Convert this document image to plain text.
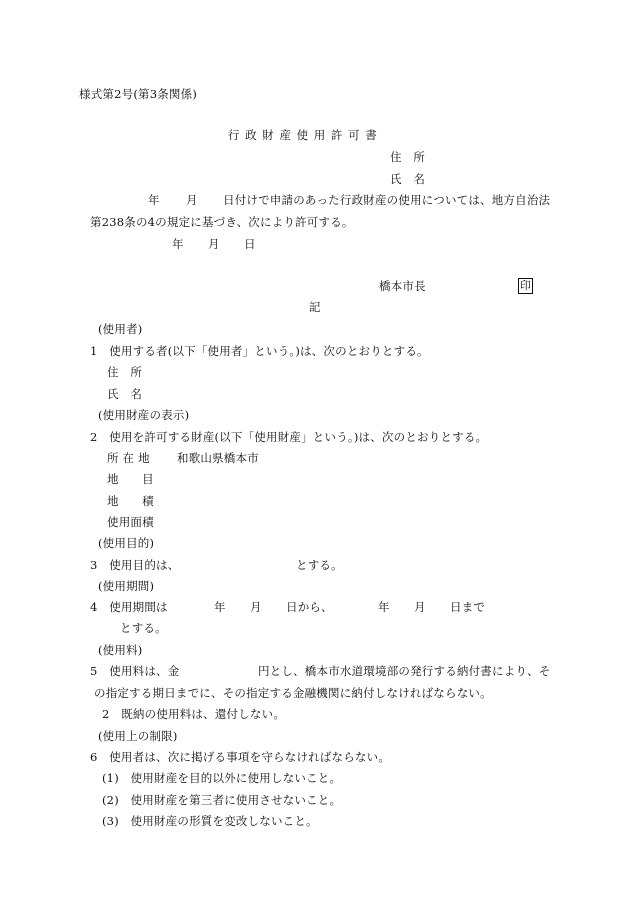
様式第2号(第3条関係)
行 政 財 産 使 用 許 可 書
住　所
氏　名
年 月 日付けで申請のあった行政財産の使用については、地方自治法
第238条の4の規定に基づき、次により許可する。
年 月 日
橋本市長	印
記
(使用者)
1　使用する者(以下「使用者」という。)は、次のとおりとする。
住　所
氏　名
(使用財産の表示)
2　使用を許可する財産(以下「使用財産」という。)は、次のとおりとする。
所 在 地 和歌山県橋本市
地　　目
地　　積
使用面積
(使用目的)
3　使用目的は、	とする。
(使用期間)
4　使用期間は	年 月 日から、	年 月 日まで
とする。
(使用料)
5　使用料は、金	円とし、橋本市水道環境部の発行する納付書により、そ
の指定する期日までに、その指定する金融機関に納付しなければならない。
2　既納の使用料は、還付しない。
(使用上の制限)
6　使用者は、次に掲げる事項を守らなければならない。
(1)　使用財産を目的以外に使用しないこと。
(2)　使用財産を第三者に使用させないこと。
(3)　使用財産の形質を変改しないこと。
